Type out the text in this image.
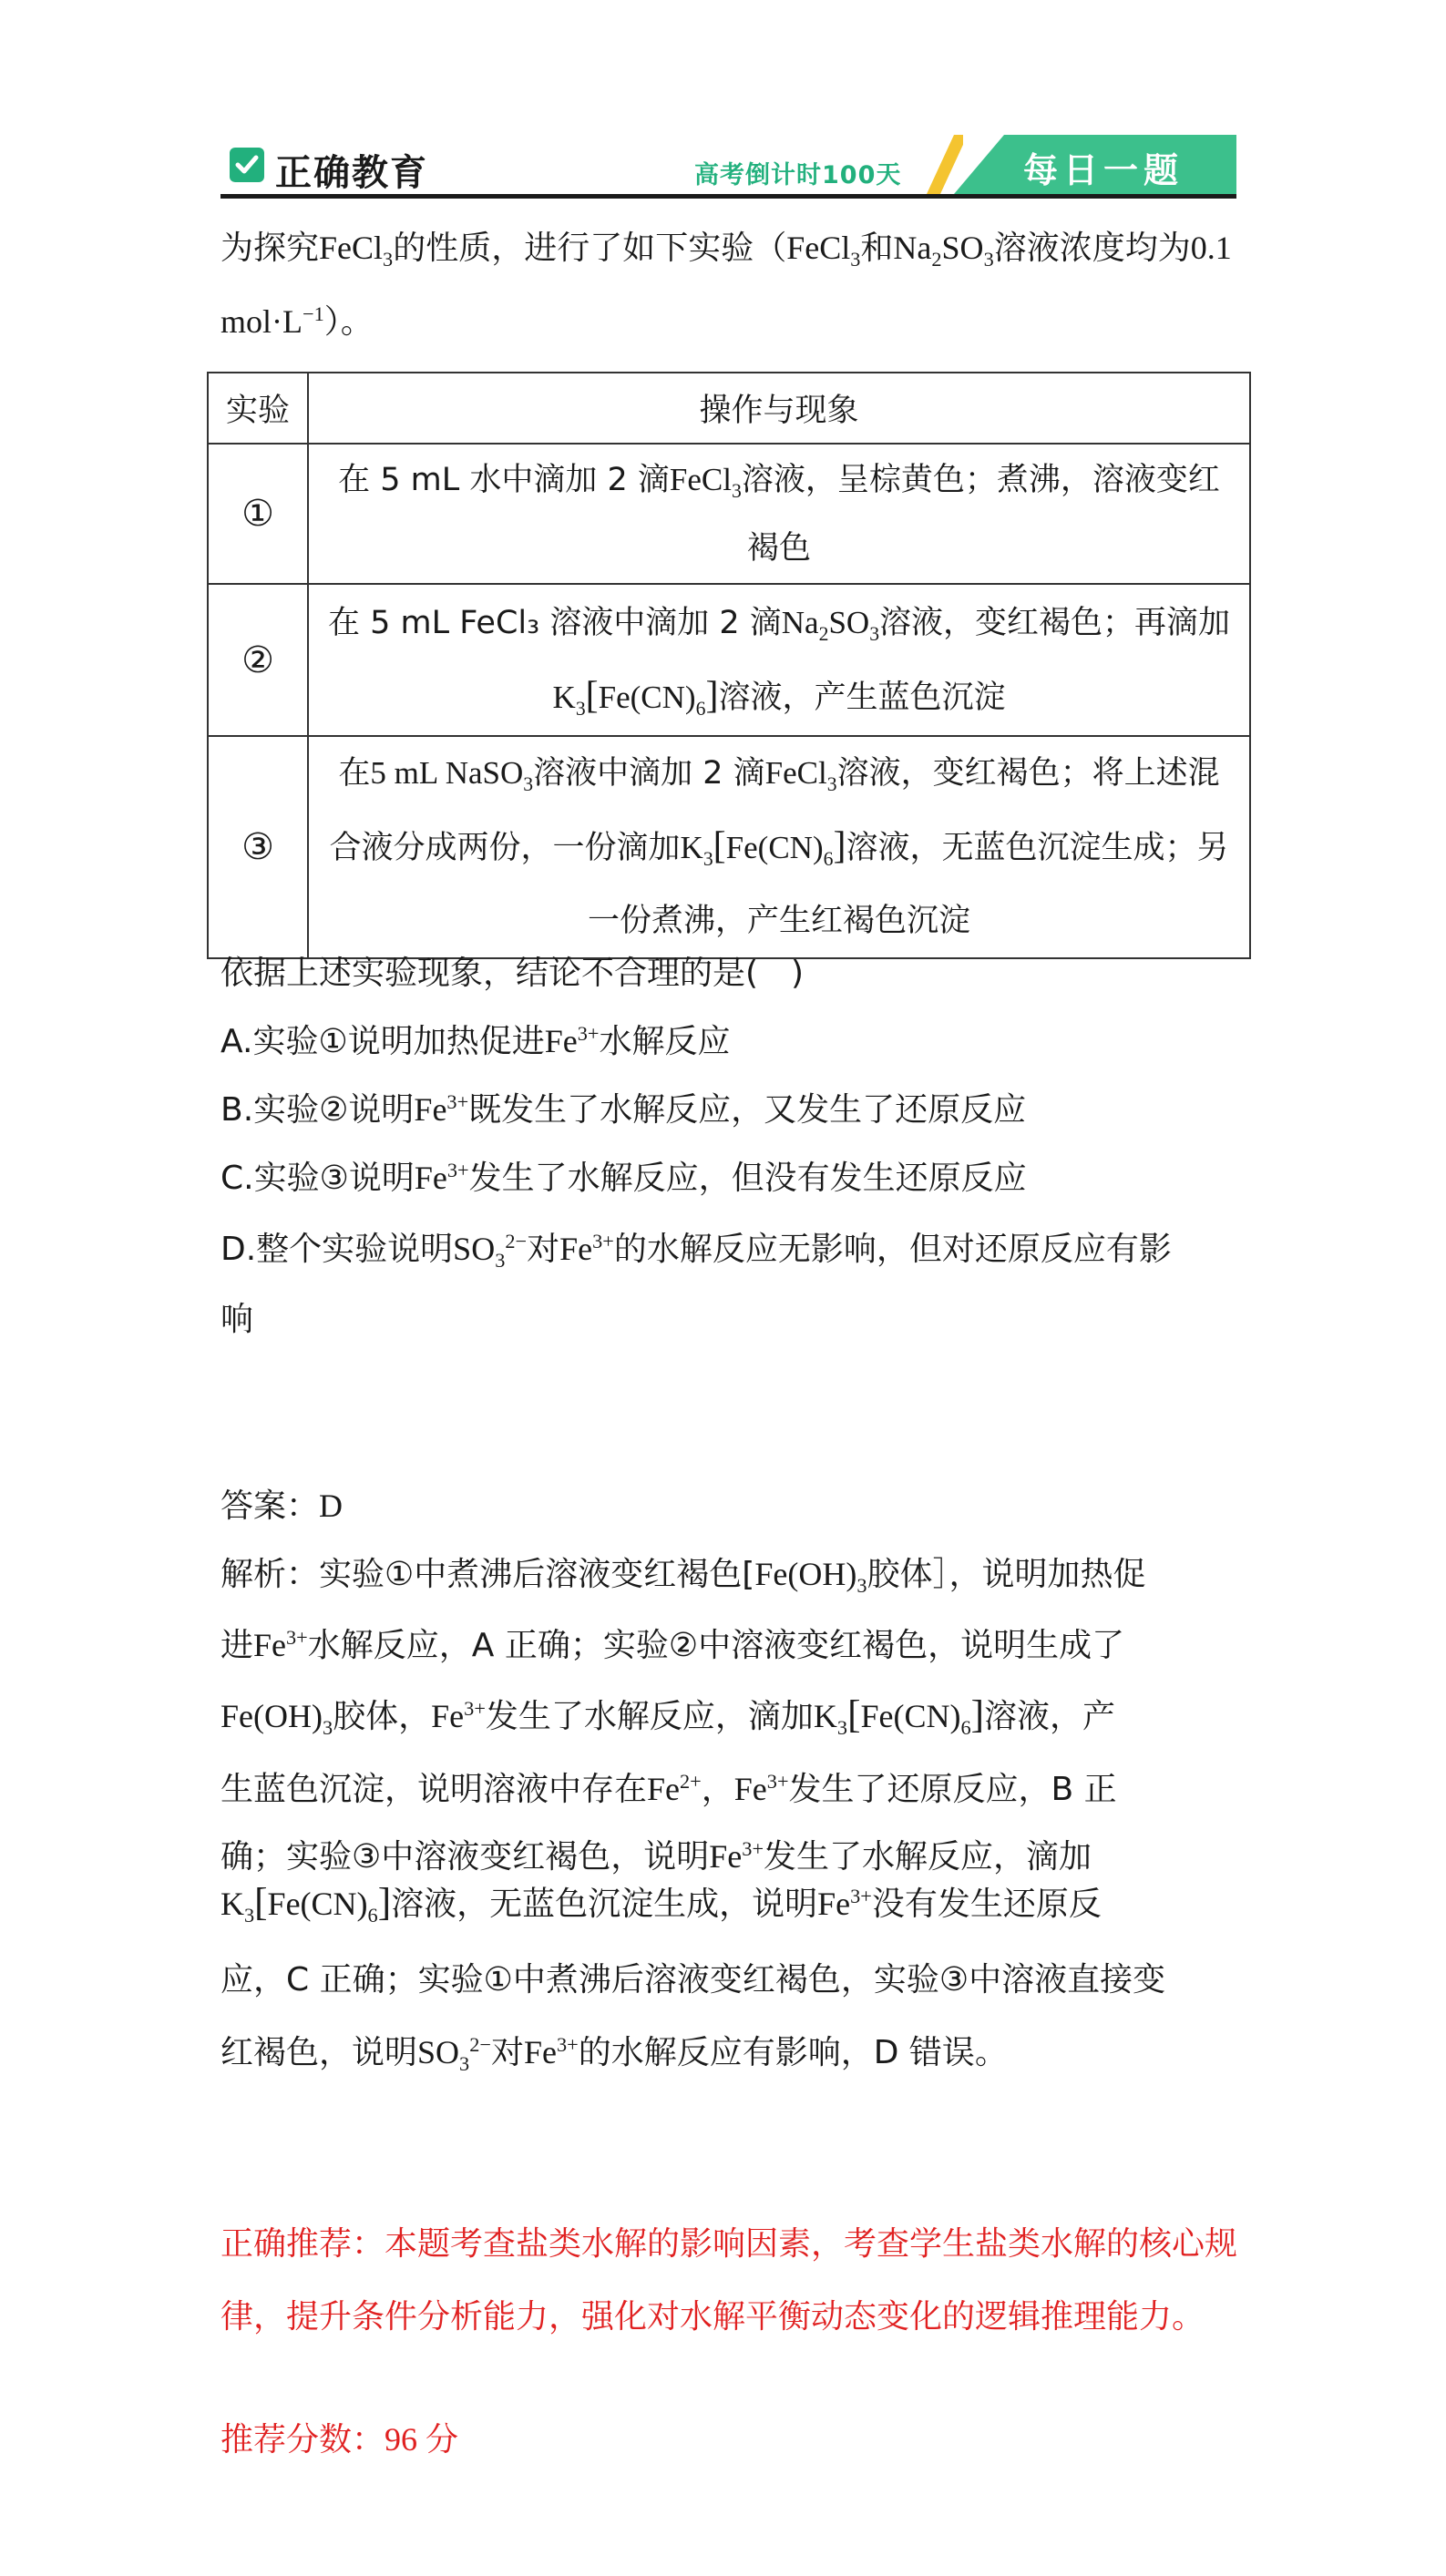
正确教育	高考倒计时100天	每日一题
为探究FeCl$_3$的性质，进行了如下实验（FeCl$_3$和$Na_2SO_3$溶液浓度均为0.1 $mol\cdot L^{-1}$）。
实验	操作与现象
①	在 5 mL 水中滴加 2 滴FeCl$_3$溶液，呈棕黄色；煮沸，溶液变红褐色
②	在 5 mL FeCl₃ 溶液中滴加 2 滴$Na_2SO_3$溶液，变红褐色；再滴加$K_3[Fe(CN)_6]$溶液，产生蓝色沉淀
③	在5 mL NaSO$_3$溶液中滴加 2 滴FeCl$_3$溶液，变红褐色；将上述混合液分成两份，一份滴加$K_3[Fe(CN)_6]$溶液，无蓝色沉淀生成；另一份煮沸，产生红褐色沉淀
依据上述实验现象，结论不合理的是(　)
A.实验①说明加热促进$Fe^{3+}$水解反应
B.实验②说明$Fe^{3+}$既发生了水解反应，又发生了还原反应
C.实验③说明$Fe^{3+}$发生了水解反应，但没有发生还原反应
D.整个实验说明$SO_3^{2-}$对$Fe^{3+}$的水解反应无影响，但对还原反应有影
响
答案：D
解析：实验①中煮沸后溶液变红褐色[$Fe(OH)_3$胶体］，说明加热促
进$Fe^{3+}$水解反应，A 正确；实验②中溶液变红褐色，说明生成了
$Fe(OH)_3$胶体，$Fe^{3+}$发生了水解反应，滴加$K_3[Fe(CN)_6]$溶液，产
生蓝色沉淀，说明溶液中存在$Fe^{2+}$，$Fe^{3+}$发生了还原反应，B 正
确；实验③中溶液变红褐色，说明$Fe^{3+}$发生了水解反应，滴加
$K_3[Fe(CN)_6]$溶液，无蓝色沉淀生成，说明$Fe^{3+}$没有发生还原反
应，C 正确；实验①中煮沸后溶液变红褐色，实验③中溶液直接变
红褐色，说明$SO_3^{2-}$对$Fe^{3+}$的水解反应有影响，D 错误。
正确推荐：本题考查盐类水解的影响因素，考查学生盐类水解的核心规律，提升条件分析能力，强化对水解平衡动态变化的逻辑推理能力。
推荐分数：96 分
